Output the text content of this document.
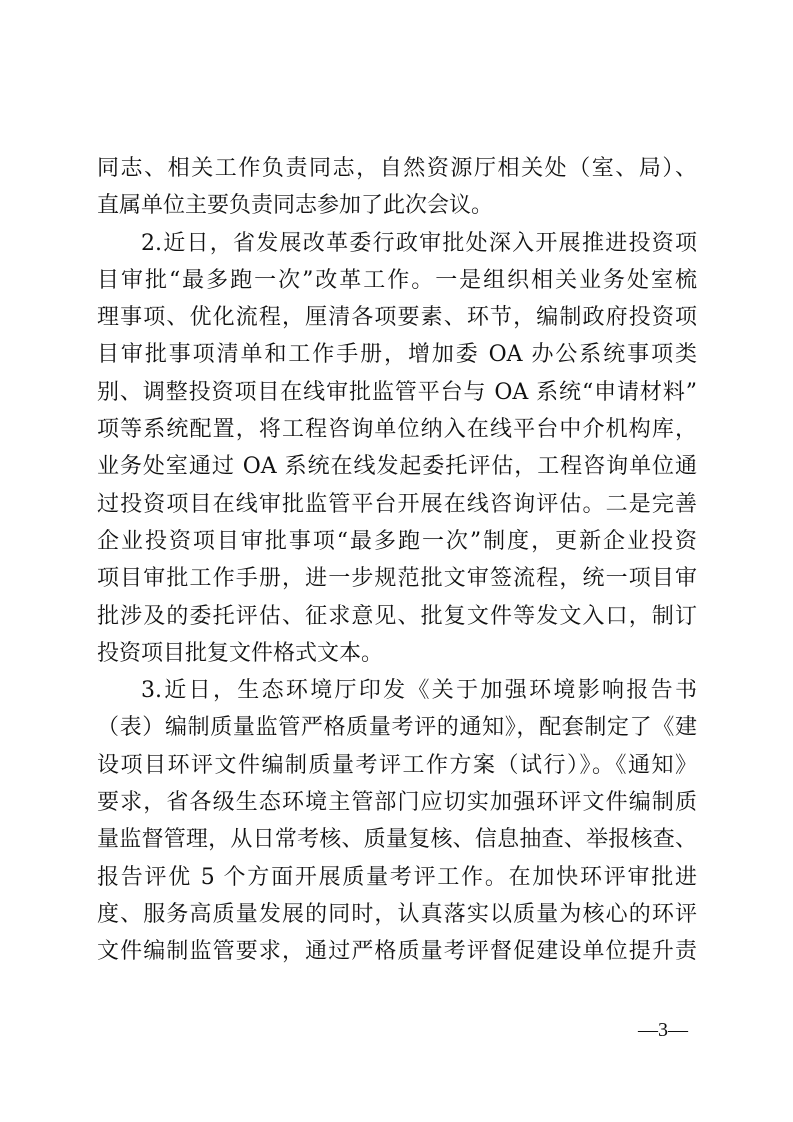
同志、相关工作负责同志，自然资源厅相关处（室、局）、
直属单位主要负责同志参加了此次会议。
2.近日，省发展改革委行政审批处深入开展推进投资项
目审批“最多跑一次”改革工作。一是组织相关业务处室梳
理事项、优化流程，厘清各项要素、环节，编制政府投资项
目审批事项清单和工作手册，增加委 OA 办公系统事项类
别、调整投资项目在线审批监管平台与 OA 系统“申请材料”
项等系统配置，将工程咨询单位纳入在线平台中介机构库，
业务处室通过 OA 系统在线发起委托评估，工程咨询单位通
过投资项目在线审批监管平台开展在线咨询评估。二是完善
企业投资项目审批事项“最多跑一次”制度，更新企业投资
项目审批工作手册，进一步规范批文审签流程，统一项目审
批涉及的委托评估、征求意见、批复文件等发文入口，制订
投资项目批复文件格式文本。
3.近日，生态环境厅印发《关于加强环境影响报告书
（表）编制质量监管严格质量考评的通知》，配套制定了《建
设项目环评文件编制质量考评工作方案（试行）》。《通知》
要求，省各级生态环境主管部门应切实加强环评文件编制质
量监督管理，从日常考核、质量复核、信息抽查、举报核查、
报告评优 5 个方面开展质量考评工作。在加快环评审批进
度、服务高质量发展的同时，认真落实以质量为核心的环评
文件编制监管要求，通过严格质量考评督促建设单位提升责
—3—
